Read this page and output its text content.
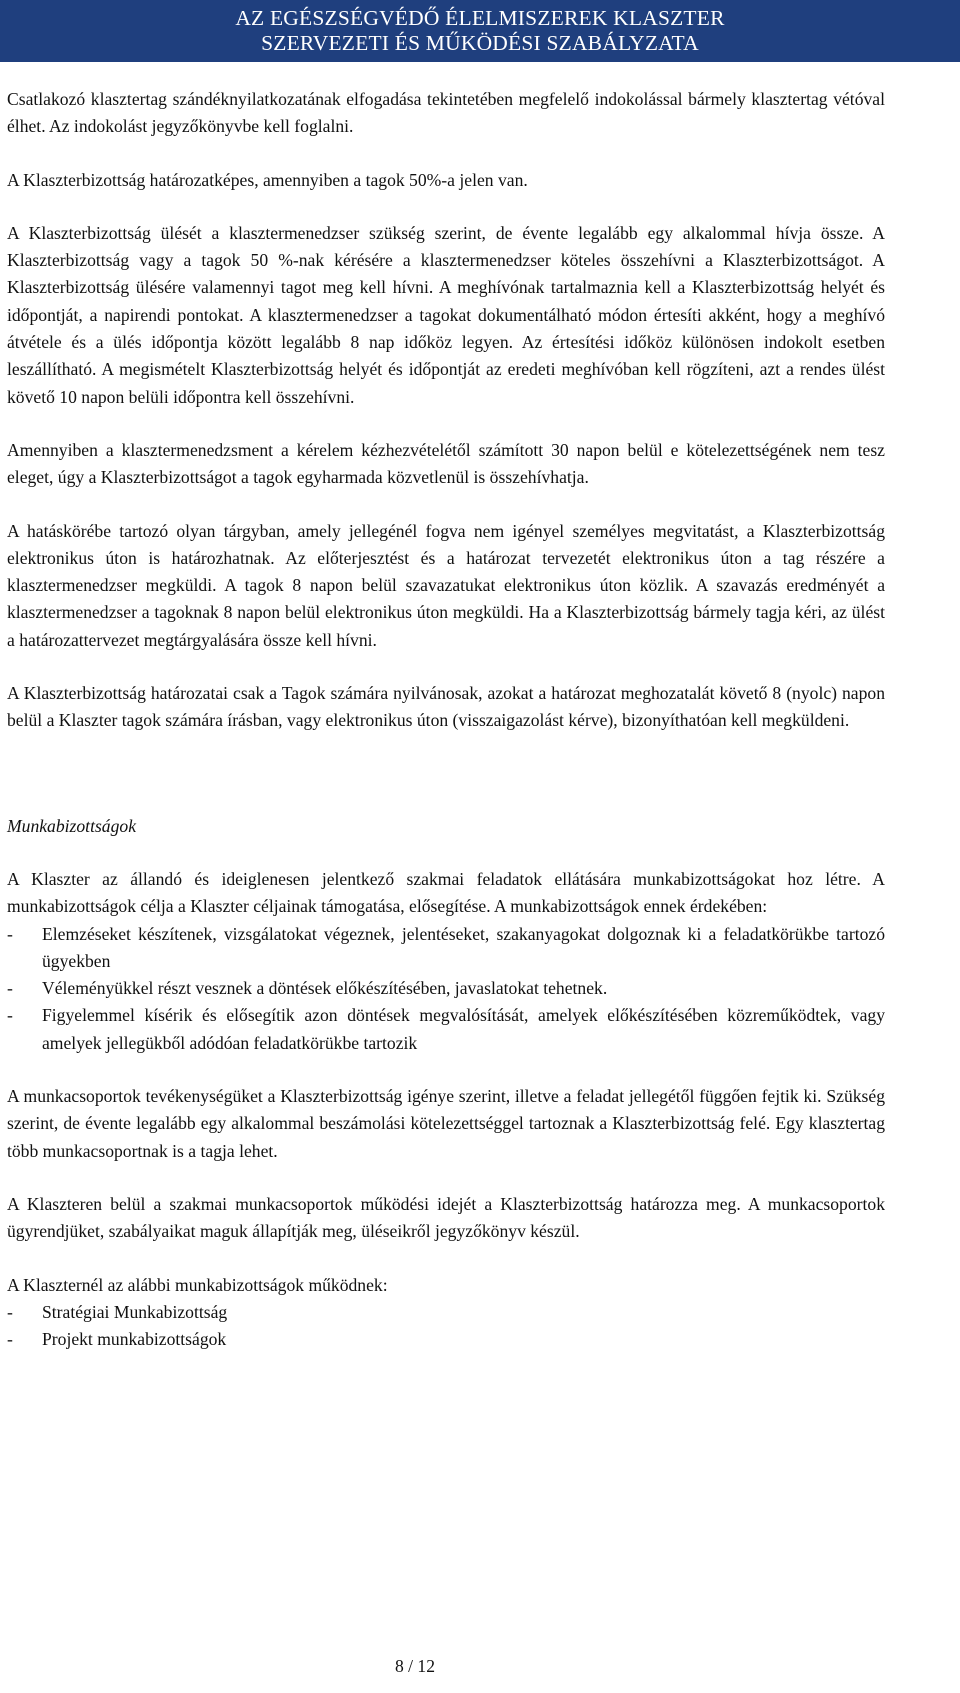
AZ EGÉSZSÉGVÉDŐ ÉLELMISZEREK KLASZTER
SZERVEZETI ÉS MŰKÖDÉSI SZABÁLYZATA

Csatlakozó klasztertag szándéknyilatkozatának elfogadása tekintetében megfelelő indokolással bármely klasztertag vétóval élhet. Az indokolást jegyzőkönyvbe kell foglalni.

A Klaszterbizottság határozatképes, amennyiben a tagok 50%-a jelen van.

A Klaszterbizottság ülését a klasztermenedzser szükség szerint, de évente legalább egy alkalommal hívja össze. A Klaszterbizottság vagy a tagok 50 %-nak kérésére a klasztermenedzser köteles összehívni a Klaszterbizottságot. A Klaszterbizottság ülésére valamennyi tagot meg kell hívni. A meghívónak tartalmaznia kell a Klaszterbizottság helyét és időpontját, a napirendi pontokat. A klasztermenedzser a tagokat dokumentálható módon értesíti akként, hogy a meghívó átvétele és a ülés időpontja között legalább 8 nap időköz legyen. Az értesítési időköz különösen indokolt esetben leszállítható. A megismételt Klaszterbizottság helyét és időpontját az eredeti meghívóban kell rögzíteni, azt a rendes ülést követő 10 napon belüli időpontra kell összehívni.

Amennyiben a klasztermenedzsment a kérelem kézhezvételétől számított 30 napon belül e kötelezettségének nem tesz eleget, úgy a Klaszterbizottságot a tagok egyharmada közvetlenül is összehívhatja.

A hatáskörébe tartozó olyan tárgyban, amely jellegénél fogva nem igényel személyes megvitatást, a Klaszterbizottság elektronikus úton is határozhatnak. Az előterjesztést és a határozat tervezetét elektronikus úton a tag részére a klasztermenedzser megküldi. A tagok 8 napon belül szavazatukat elektronikus úton közlik. A szavazás eredményét a klasztermenedzser a tagoknak 8 napon belül elektronikus úton megküldi. Ha a Klaszterbizottság bármely tagja kéri, az ülést a határozattervezet megtárgyalására össze kell hívni.

A Klaszterbizottság határozatai csak a Tagok számára nyilvánosak, azokat a határozat meghozatalát követő 8 (nyolc) napon belül a Klaszter tagok számára írásban, vagy elektronikus úton (visszaigazolást kérve), bizonyíthatóan kell megküldeni.

Munkabizottságok

A Klaszter az állandó és ideiglenesen jelentkező szakmai feladatok ellátására munkabizottságokat hoz létre. A munkabizottságok célja a Klaszter céljainak támogatása, elősegítése. A munkabizottságok ennek érdekében:

- Elemzéseket készítenek, vizsgálatokat végeznek, jelentéseket, szakanyagokat dolgoznak ki a feladatkörükbe tartozó ügyekben
- Véleményükkel részt vesznek a döntések előkészítésében, javaslatokat tehetnek.
- Figyelemmel kísérik és elősegítik azon döntések megvalósítását, amelyek előkészítésében közreműködtek, vagy amelyek jellegükből adódóan feladatkörükbe tartozik

A munkacsoportok tevékenységüket a Klaszterbizottság igénye szerint, illetve a feladat jellegétől függően fejtik ki. Szükség szerint, de évente legalább egy alkalommal beszámolási kötelezettséggel tartoznak a Klaszterbizottság felé. Egy klasztertag több munkacsoportnak is a tagja lehet.

A Klaszteren belül a szakmai munkacsoportok működési idejét a Klaszterbizottság határozza meg. A munkacsoportok ügyrendjüket, szabályaikat maguk állapítják meg, üléseikről jegyzőkönyv készül.

A Klaszternél az alábbi munkabizottságok működnek:

- Stratégiai Munkabizottság
- Projekt munkabizottságok
8 / 12
